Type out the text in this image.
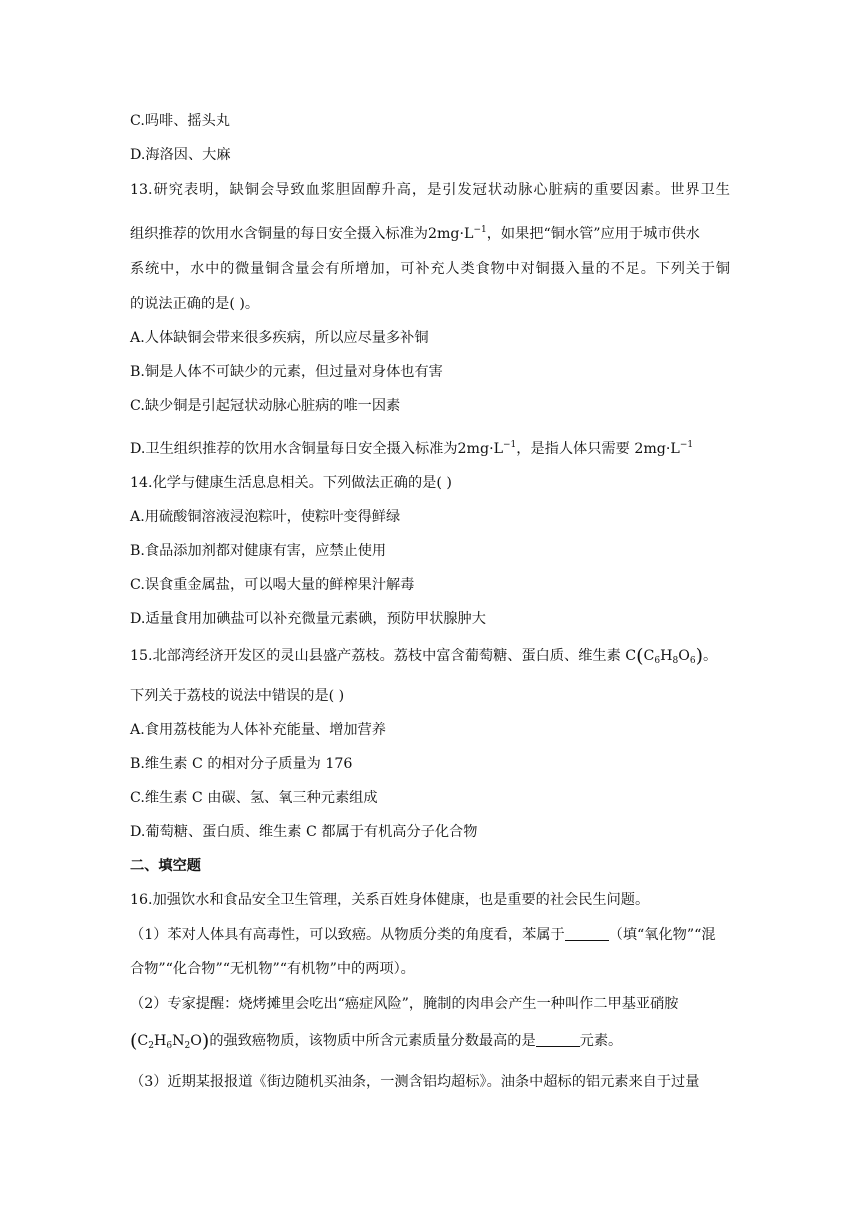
C.吗啡、摇头丸
D.海洛因、大麻
13.研究表明，缺铜会导致血浆胆固醇升高，是引发冠状动脉心脏病的重要因素。世界卫生
组织推荐的饮用水含铜量的每日安全摄入标准为$2mg\cdot L^{-1}$，如果把“铜水管”应用于城市供水
系统中，水中的微量铜含量会有所增加，可补充人类食物中对铜摄入量的不足。下列关于铜
的说法正确的是( )。
A.人体缺铜会带来很多疾病，所以应尽量多补铜
B.铜是人体不可缺少的元素，但过量对身体也有害
C.缺少铜是引起冠状动脉心脏病的唯一因素
D.卫生组织推荐的饮用水含铜量每日安全摄入标准为$2mg\cdot L^{-1}$，是指人体只需要 $2mg\cdot L^{-1}$
14.化学与健康生活息息相关。下列做法正确的是( )
A.用硫酸铜溶液浸泡粽叶，使粽叶变得鲜绿
B.食品添加剂都对健康有害，应禁止使用
C.误食重金属盐，可以喝大量的鲜榨果汁解毒
D.适量食用加碘盐可以补充微量元素碘，预防甲状腺肿大
15.北部湾经济开发区的灵山县盛产荔枝。荔枝中富含葡萄糖、蛋白质、维生素 $C(C_6H_8O_6)$。
下列关于荔枝的说法中错误的是( )
A.食用荔枝能为人体补充能量、增加营养
B.维生素 C 的相对分子质量为 176
C.维生素 C 由碳、氢、氧三种元素组成
D.葡萄糖、蛋白质、维生素 C 都属于有机高分子化合物
二、填空题
16.加强饮水和食品安全卫生管理，关系百姓身体健康，也是重要的社会民生问题。
（1）苯对人体具有高毒性，可以致癌。从物质分类的角度看，苯属于	（填“氧化物”“混
合物”“化合物”“无机物”“有机物”中的两项）。
（2）专家提醒：烧烤摊里会吃出“癌症风险”，腌制的肉串会产生一种叫作二甲基亚硝胺
$(C_2H_6N_2O)$的强致癌物质，该物质中所含元素质量分数最高的是	元素。
（3）近期某报报道《街边随机买油条，一测含铝均超标》。油条中超标的铝元素来自于过量
